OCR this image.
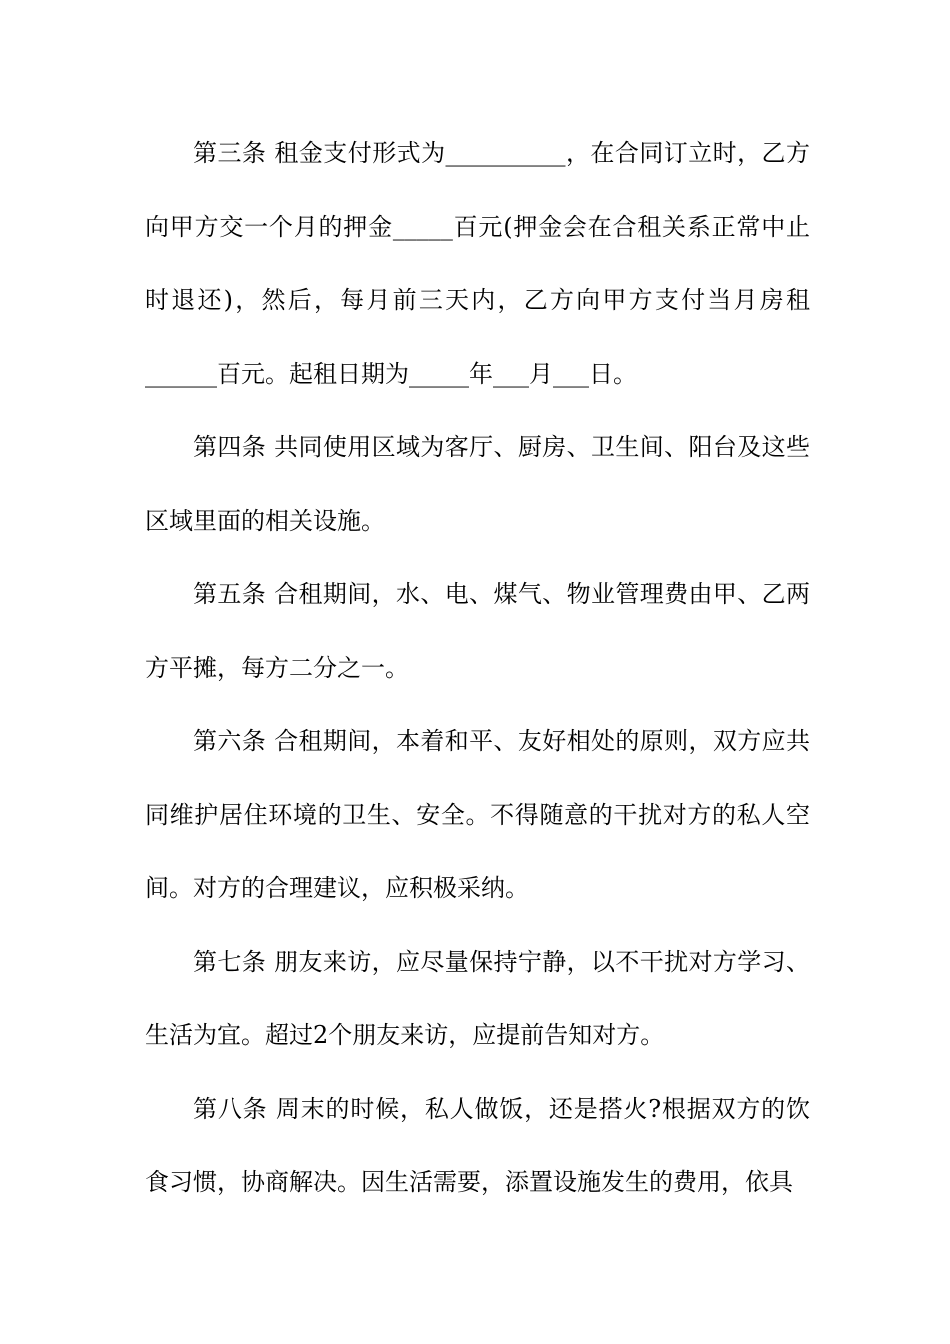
第三条 租金支付形式为__________，在合同订立时，乙方向甲方交一个月的押金_____百元(押金会在合租关系正常中止时退还)，然后，每月前三天内，乙方向甲方支付当月房租______百元。起租日期为_____年___月___日。

第四条 共同使用区域为客厅、厨房、卫生间、阳台及这些区域里面的相关设施。

第五条 合租期间，水、电、煤气、物业管理费由甲、乙两方平摊，每方二分之一。

第六条 合租期间，本着和平、友好相处的原则，双方应共同维护居住环境的卫生、安全。不得随意的干扰对方的私人空间。对方的合理建议，应积极采纳。

第七条 朋友来访，应尽量保持宁静，以不干扰对方学习、生活为宜。超过2个朋友来访，应提前告知对方。

第八条 周末的时候，私人做饭，还是搭火?根据双方的饮食习惯，协商解决。因生活需要，添置设施发生的费用，依具
